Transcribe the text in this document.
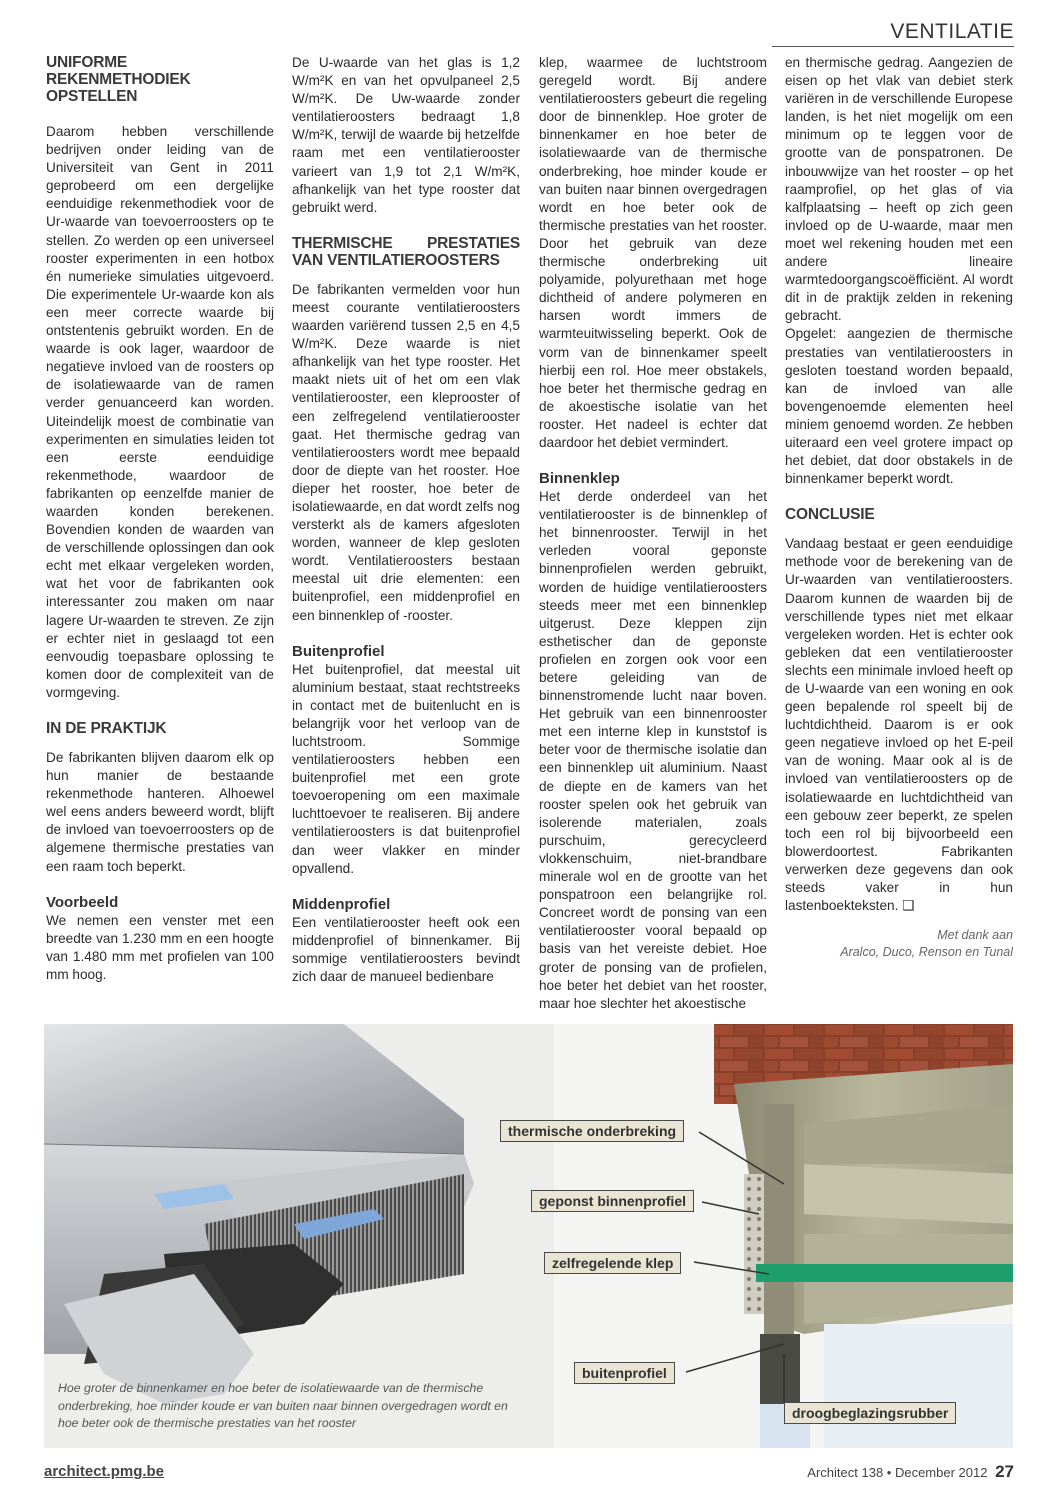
VENTILATIE
UNIFORME REKENMETHODIEK OPSTELLEN

Daarom hebben verschillende bedrijven onder leiding van de Universiteit van Gent in 2011 geprobeerd om een dergelijke eenduidige rekenmethodiek voor de Ur-waarde van toevoerroosters op te stellen. Zo werden op een universeel rooster experimenten in een hotbox én numerieke simulaties uitgevoerd. Die experimentele Ur-waarde kon als een meer correcte waarde bij ontstentenis gebruikt worden. En de waarde is ook lager, waardoor de negatieve invloed van de roosters op de isolatiewaarde van de ramen verder genuanceerd kan worden. Uiteindelijk moest de combinatie van experimenten en simulaties leiden tot een eerste eenduidige rekenmethode, waardoor de fabrikanten op eenzelfde manier de waarden konden berekenen. Bovendien konden de waarden van de verschillende oplossingen dan ook echt met elkaar vergeleken worden, wat het voor de fabrikanten ook interessanter zou maken om naar lagere Ur-waarden te streven. Ze zijn er echter niet in geslaagd tot een eenvoudig toepasbare oplossing te komen door de complexiteit van de vormgeving.

IN DE PRAKTIJK

De fabrikanten blijven daarom elk op hun manier de bestaande rekenmethode hanteren. Alhoewel wel eens anders beweerd wordt, blijft de invloed van toevoerroosters op de algemene thermische prestaties van een raam toch beperkt.

Voorbeeld

We nemen een venster met een breedte van 1.230 mm en een hoogte van 1.480 mm met profielen van 100 mm hoog.

De U-waarde van het glas is 1,2 W/m²K en van het opvulpaneel 2,5 W/m²K. De Uw-waarde zonder ventilatieroosters bedraagt 1,8 W/m²K, terwijl de waarde bij hetzelfde raam met een ventilatierooster varieert van 1,9 tot 2,1 W/m²K, afhankelijk van het type rooster dat gebruikt werd.

THERMISCHE PRESTATIES VAN VENTILATIEROOSTERS

De fabrikanten vermelden voor hun meest courante ventilatieroosters waarden variërend tussen 2,5 en 4,5 W/m²K. Deze waarde is niet afhankelijk van het type rooster. Het maakt niets uit of het om een vlak ventilatierooster, een kleprooster of een zelfregelend ventilatierooster gaat. Het thermische gedrag van ventilatieroosters wordt mee bepaald door de diepte van het rooster. Hoe dieper het rooster, hoe beter de isolatiewaarde, en dat wordt zelfs nog versterkt als de kamers afgesloten worden, wanneer de klep gesloten wordt. Ventilatieroosters bestaan meestal uit drie elementen: een buitenprofiel, een middenprofiel en een binnenklep of -rooster.

Buitenprofiel

Het buitenprofiel, dat meestal uit aluminium bestaat, staat rechtstreeks in contact met de buitenlucht en is belangrijk voor het verloop van de luchtstroom. Sommige ventilatieroosters hebben een buitenprofiel met een grote toevoeropening om een maximale luchttoevoer te realiseren. Bij andere ventilatieroosters is dat buitenprofiel dan weer vlakker en minder opvallend.

Middenprofiel

Een ventilatierooster heeft ook een middenprofiel of binnenkamer. Bij sommige ventilatieroosters bevindt zich daar de manueel bedienbare

klep, waarmee de luchtstroom geregeld wordt. Bij andere ventilatieroosters gebeurt die regeling door de binnenklep. Hoe groter de binnenkamer en hoe beter de isolatiewaarde van de thermische onderbreking, hoe minder koude er van buiten naar binnen overgedragen wordt en hoe beter ook de thermische prestaties van het rooster. Door het gebruik van deze thermische onderbreking uit polyamide, polyurethaan met hoge dichtheid of andere polymeren en harsen wordt immers de warmteuitwisseling beperkt. Ook de vorm van de binnenkamer speelt hierbij een rol. Hoe meer obstakels, hoe beter het thermische gedrag en de akoestische isolatie van het rooster. Het nadeel is echter dat daardoor het debiet vermindert.

Binnenklep

Het derde onderdeel van het ventilatierooster is de binnenklep of het binnenrooster. Terwijl in het verleden vooral geponste binnenprofielen werden gebruikt, worden de huidige ventilatieroosters steeds meer met een binnenklep uitgerust. Deze kleppen zijn esthetischer dan de geponste profielen en zorgen ook voor een betere geleiding van de binnenstromende lucht naar boven. Het gebruik van een binnenrooster met een interne klep in kunststof is beter voor de thermische isolatie dan een binnenklep uit aluminium. Naast de diepte en de kamers van het rooster spelen ook het gebruik van isolerende materialen, zoals purschuim, gerecycleerd vlokkenschuim, niet-brandbare minerale wol en de grootte van het ponspatroon een belangrijke rol. Concreet wordt de ponsing van een ventilatierooster vooral bepaald op basis van het vereiste debiet. Hoe groter de ponsing van de profielen, hoe beter het debiet van het rooster, maar hoe slechter het akoestische

en thermische gedrag. Aangezien de eisen op het vlak van debiet sterk variëren in de verschillende Europese landen, is het niet mogelijk om een minimum op te leggen voor de grootte van de ponspatronen. De inbouwwijze van het rooster – op het raamprofiel, op het glas of via kalfplaatsing – heeft op zich geen invloed op de U-waarde, maar men moet wel rekening houden met een andere lineaire warmtedoorgangscoëfficiënt. Al wordt dit in de praktijk zelden in rekening gebracht.

Opgelet: aangezien de thermische prestaties van ventilatieroosters in gesloten toestand worden bepaald, kan de invloed van alle bovengenoemde elementen heel miniem genoemd worden. Ze hebben uiteraard een veel grotere impact op het debiet, dat door obstakels in de binnenkamer beperkt wordt.

CONCLUSIE

Vandaag bestaat er geen eenduidige methode voor de berekening van de Ur-waarden van ventilatieroosters. Daarom kunnen de waarden bij de verschillende types niet met elkaar vergeleken worden. Het is echter ook gebleken dat een ventilatierooster slechts een minimale invloed heeft op de U-waarde van een woning en ook geen bepalende rol speelt bij de luchtdichtheid. Daarom is er ook geen negatieve invloed op het E-peil van de woning. Maar ook al is de invloed van ventilatieroosters op de isolatiewaarde en luchtdichtheid van een gebouw zeer beperkt, ze spelen toch een rol bij bijvoorbeeld een blowerdoortest. Fabrikanten verwerken deze gegevens dan ook steeds vaker in hun lastenboekteksten. ❑

Met dank aan
Aralco, Duco, Renson en Tunal
thermische onderbreking
geponst binnenprofiel
zelfregelende klep
buitenprofiel
droogbeglazingsrubber
Hoe groter de binnenkamer en hoe beter de isolatiewaarde van de thermische onderbreking, hoe minder koude er van buiten naar binnen overgedragen wordt en hoe beter ook de thermische prestaties van het rooster
architect.pmg.be	Architect 138 • December 2012 27
